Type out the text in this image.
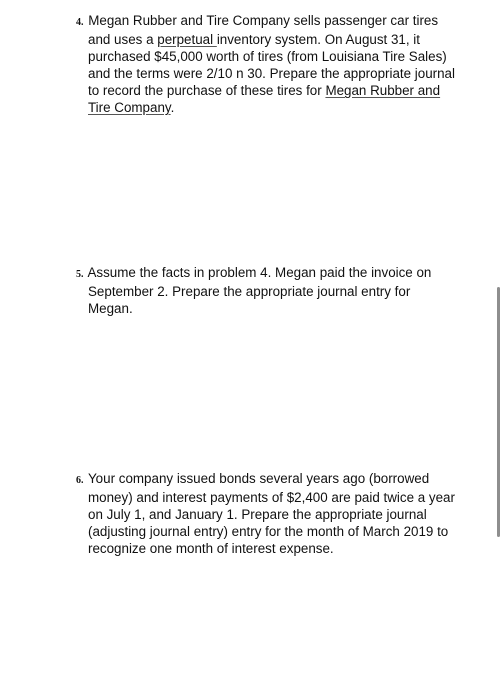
4. Megan Rubber and Tire Company sells passenger car tires and uses a perpetual inventory system. On August 31, it purchased $45,000 worth of tires (from Louisiana Tire Sales) and the terms were 2/10 n 30. Prepare the appropriate journal to record the purchase of these tires for Megan Rubber and Tire Company.

5. Assume the facts in problem 4. Megan paid the invoice on September 2. Prepare the appropriate journal entry for Megan.

6. Your company issued bonds several years ago (borrowed money) and interest payments of $2,400 are paid twice a year on July 1, and January 1. Prepare the appropriate journal (adjusting journal entry) entry for the month of March 2019 to recognize one month of interest expense.
